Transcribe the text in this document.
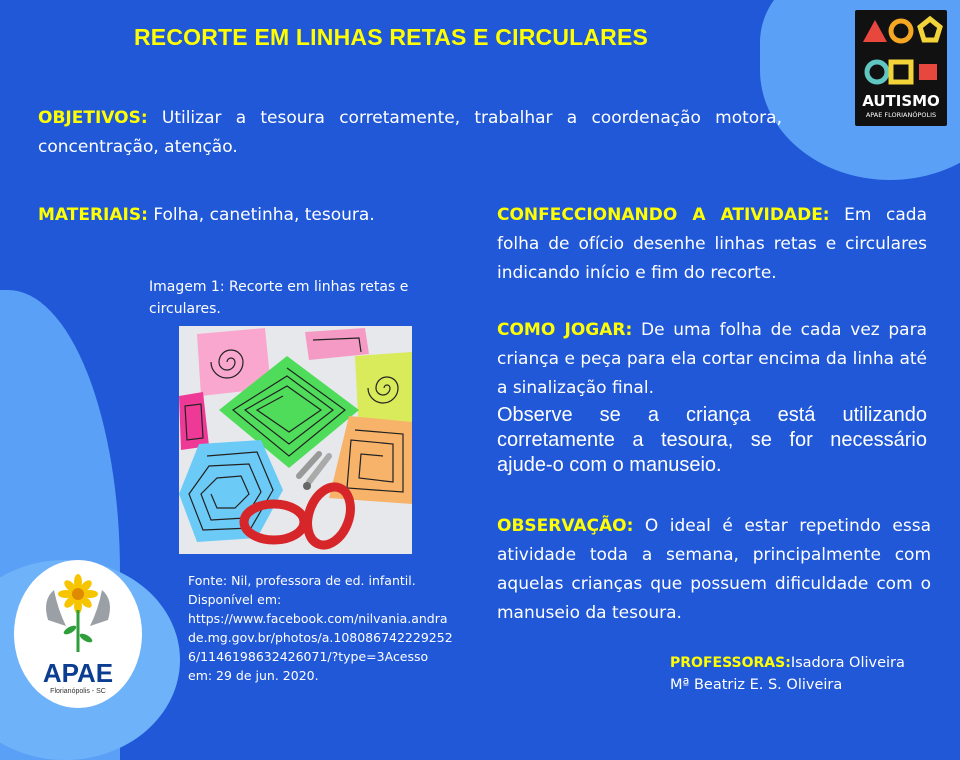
RECORTE EM LINHAS RETAS E CIRCULARES
AUTISMO
APAE FLORIANÓPOLIS
OBJETIVOS: Utilizar a tesoura corretamente, trabalhar a coordenação motora, concentração, atenção.
MATERIAIS: Folha, canetinha, tesoura.	CONFECCIONANDO A ATIVIDADE: Em cada folha de ofício desenhe linhas retas e circulares indicando início e fim do recorte.
COMO JOGAR: De uma folha de cada vez para criança e peça para ela cortar encima da linha até a sinalização final.
Observe se a criança está utilizando corretamente a tesoura, se for necessário ajude-o com o manuseio.
OBSERVAÇÃO: O ideal é estar repetindo essa atividade toda a semana, principalmente com aquelas crianças que possuem dificuldade com o manuseio da tesoura.
Imagem 1: Recorte em linhas retas e circulares.
Fonte: Nil, professora de ed. infantil.
Disponível em:
https://www.facebook.com/nilvania.andrade.mg.gov.br/photos/a.1080867422292526/1146198632426071/?type=3Acesso
em: 29 de jun. 2020.
PROFESSORAS:Isadora Oliveira
Mª Beatriz E. S. Oliveira
APAE
Florianópolis - SC
